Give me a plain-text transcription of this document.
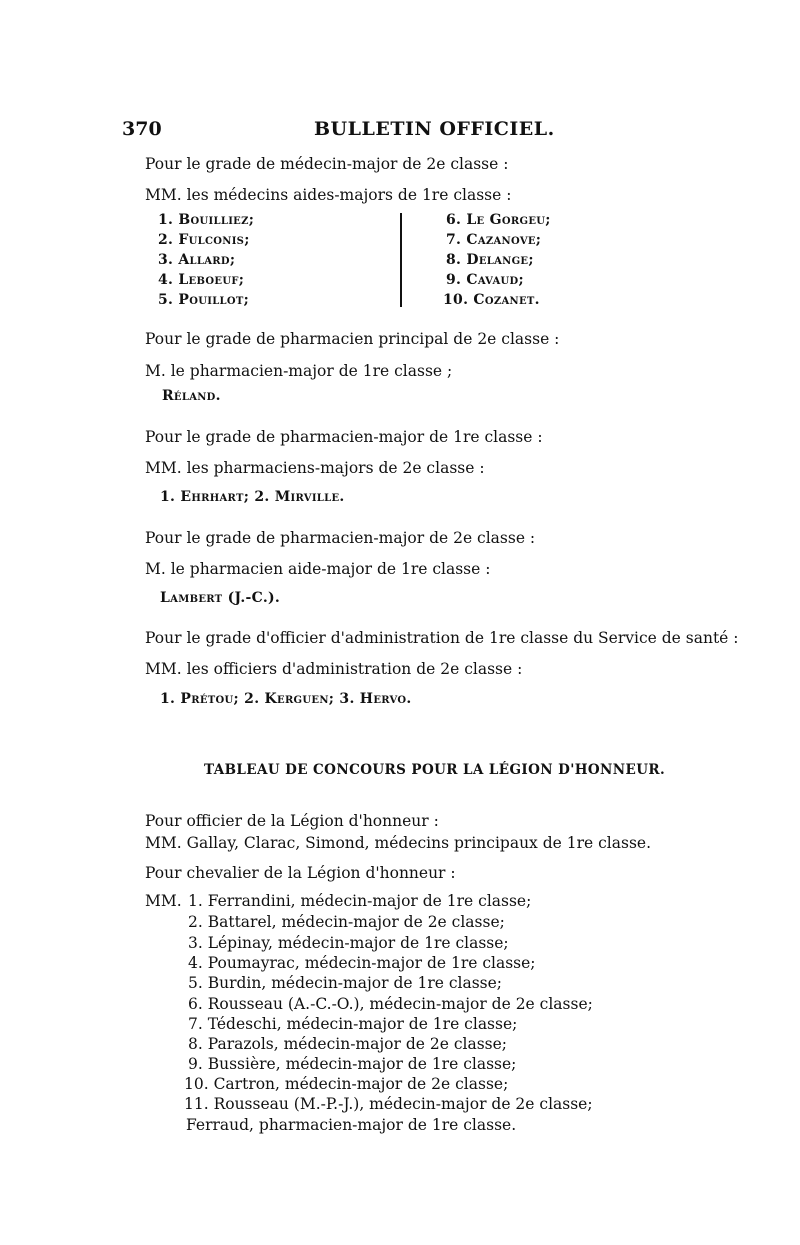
370	BULLETIN OFFICIEL.
Pour le grade de médecin-major de 2e classe :
MM. les médecins aides-majors de 1re classe :
1. Bouilliez;
2. Fulconis;
3. Allard;
4. Leboeuf;
5. Pouillot;
6. Le Gorgeu;
7. Cazanove;
8. Delange;
9. Cavaud;
10. Cozanet.
Pour le grade de pharmacien principal de 2e classe :
M. le pharmacien-major de 1re classe ;
Réland.
Pour le grade de pharmacien-major de 1re classe :
MM. les pharmaciens-majors de 2e classe :
1. Ehrhart; 2. Mirville.
Pour le grade de pharmacien-major de 2e classe :
M. le pharmacien aide-major de 1re classe :
Lambert (J.-C.).
Pour le grade d'officier d'administration de 1re classe du Service de santé :
MM. les officiers d'administration de 2e classe :
1. Prétou; 2. Kerguen; 3. Hervo.
TABLEAU DE CONCOURS POUR LA LÉGION D'HONNEUR.
Pour officier de la Légion d'honneur :
MM. Gallay, Clarac, Simond, médecins principaux de 1re classe.
Pour chevalier de la Légion d'honneur :
MM. 1. Ferrandini, médecin-major de 1re classe;
2. Battarel, médecin-major de 2e classe;
3. Lépinay, médecin-major de 1re classe;
4. Poumayrac, médecin-major de 1re classe;
5. Burdin, médecin-major de 1re classe;
6. Rousseau (A.-C.-O.), médecin-major de 2e classe;
7. Tédeschi, médecin-major de 1re classe;
8. Parazols, médecin-major de 2e classe;
9. Bussière, médecin-major de 1re classe;
10. Cartron, médecin-major de 2e classe;
11. Rousseau (M.-P.-J.), médecin-major de 2e classe;
Ferraud, pharmacien-major de 1re classe.
